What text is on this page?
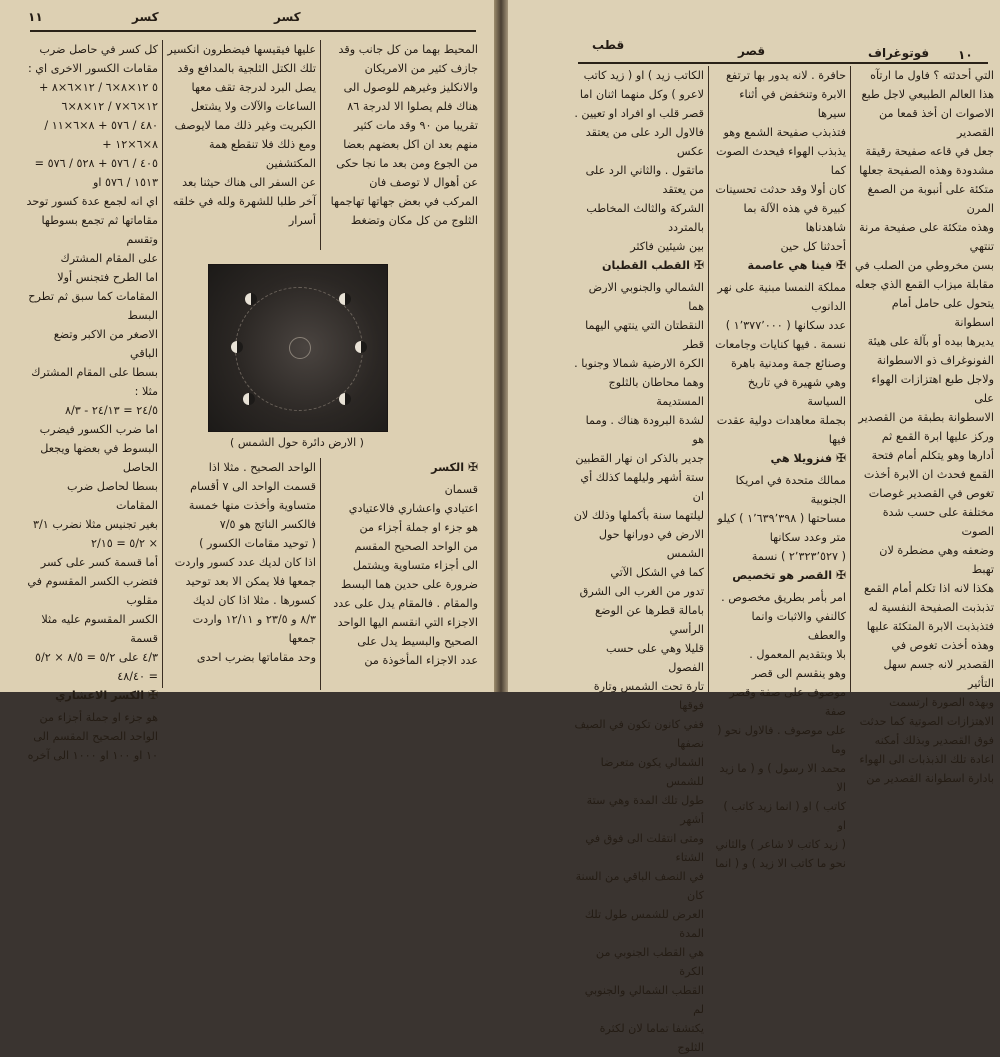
١١	كسر	كسر
كل كسر في حاصل ضرب
مقامات الكسور الاخرى اي :
٥ ١٢×٨×٦ / ١٢×٦×٨ + ١٢×٦×٧ / ١٢×٨×٦
٤٨٠ / ٥٧٦ + ٨×٦×١١ / ٨×٦×١٢ +
٤٠٥ / ٥٧٦ + ٥٢٨ / ٥٧٦ = ١٥١٣ / ٥٧٦ او
اي انه لجمع عدة كسور توحد
مقاماتها ثم تجمع بسوطها وتقسم
على المقام المشترك
اما الطرح فتجنس أولا
المقامات كما سبق ثم تطرح البسط
الاصغر من الاكبر وتضع الباقي
بسطا على المقام المشترك مثلا :
٢٤/٥ = ٢٤/١٣ - ٨/٣
اما ضرب الكسور فيضرب
البسوط في بعضها ويجعل الحاصل
بسطا لحاصل ضرب المقامات
بغير تجنيس مثلا نضرب ٣/١
× ٥/٢ = ٢/١٥
أما قسمة كسر على كسر
فتضرب الكسر المقسوم في مقلوب
الكسر المقسوم عليه مثلا قسمة
٤/٣ على ٥/٢ = ٨/٥ × ٥/٢ = ٤٨/٤٠

✠ الكسر الاعشاري

هو جزء او جملة أجزاء من
الواحد الصحيح المقسم الى
١٠ او ١٠٠ او ١٠٠٠ الى آخره
عليها فيقيسها فيضطرون انكسير
تلك الكتل الثلجية بالمدافع وقد
يصل البرد لدرجة تقف معها
الساعات والآلات ولا يشتعل
الكبريت وغير ذلك مما لايوصف
ومع ذلك فلا تنقطع همة المكتشفين
عن السفر الى هناك حيثنا بعد
آخر طلبا للشهرة ولله في خلقه
أسرار
المحيط بهما من كل جانب وقد
جازف كثير من الامريكان
والانكليز وغيرهم للوصول الى
هناك فلم يصلوا الا لدرجة ٨٦
تقريبا من ٩٠ وقد مات كثير
منهم بعد ان اكل بعضهم بعضا
من الجوع ومن بعد ما نجا حكى
عن أهوال لا توصف فان
المركب في بعض جهاتها تهاجمها
الثلوج من كل مكان وتضغط
( الارض دائرة حول الشمس )
الواحد الصحيح . مثلا اذا
قسمت الواحد الى ٧ أقسام
متساوية وأخذت منها خمسة
فالكسر الناتج هو ٧/٥
( توحيد مقامات الكسور )
اذا كان لديك عدد كسور واردت
جمعها فلا يمكن الا بعد توحيد
كسورها . مثلا اذا كان لديك
٨/٣ و ٢٣/٥ و ١٢/١١ واردت جمعها
وحد مقاماتها بضرب احدى

✠ الكسر

قسمان
اعتيادي واعشاري فالاعتيادي
هو جزء او جملة أجزاء من
من الواحد الصحيح المقسم
الى أجزاء متساوية ويشتمل
ضرورة على حدين هما البسط
والمقام . فالمقام يدل على عدد
الاجزاء التي انقسم اليها الواحد
الصحيح والبسيط يدل على
عدد الاجزاء المأخوذة من
قطب	قصر	فوتوغراف ١٠
الكاتب زيد ) او ( زيد كاتب
لاعرو ) وكل منهما اثنان اما
قصر قلب او افراد او تعيين .
فالاول الرد على من يعتقد عكس
ماتقول . والثاني الرد على من يعتقد
الشركة والثالث المخاطب بالمتردد
بين شيئين فاكثر

✠ القطب القطبان

الشمالي والجنوبي الارض هما
النقطتان التي ينتهي اليهما قطر
الكرة الارضية شمالا وجنوبا .
وهما محاطان بالثلوج المستديمة
لشدة البرودة هناك . ومما هو
جدير بالذكر ان نهار القطبين
ستة أشهر وليلهما كذلك أي ان
ليلتهما سنة بأكملها وذلك لان
الارض في دورانها حول الشمس
كما في الشكل الآتي
تدور من الغرب الى الشرق
بامالة قطرها عن الوضع الرأسي
قليلا وهي على حسب الفصول
تارة تحت الشمس وتارة فوقها
ففي كانون تكون في الصيف نصفها
الشمالي يكون متعرضا للشمس
طول تلك المدة وهي ستة أشهر
ومتى انتقلت الى فوق في الشتاء
في النصف الباقي من السنة كان
العرض للشمس طول تلك المدة
هي القطب الجنوبي من الكرة
القطب الشمالي والجنوبي لم
يكتشفا تماما لان لكثرة الثلوج
حافرة . لانه يدور بها ترتفع
الابرة وتنخفض في أثناء سيرها
فتذبذب صفيحة الشمع وهو
يذبذب الهواء فيحدث الصوت كما
كان أولا وقد حدثت تحسينات
كبيرة في هذه الآلة بما شاهدناها
أحدثنا كل حين

✠ فينا هي عاصمة

مملكة النمسا مبنية على نهر الدانوب
عدد سكانها ( ١٬٣٧٧٬٠٠٠ )
نسمة . فيها كنايات وجامعات
وصنائع جمة ومدنية باهرة
وهي شهيرة في تاريخ السياسة
بجملة معاهدات دولية عقدت
فيها

✠ فنزويلا هي

ممالك متحدة في امريكا الجنوبية
مساحتها ( ١٬٦٣٩٬٣٩٨ ) كيلو
متر وعدد سكانها
( ٢٬٣٢٣٬٥٢٧ ) نسمة

✠ القصر هو تخصيص

امر بأمر بطريق مخصوص .
كالنفي والاثبات وانما والعطف
بلا وبتقديم المعمول .
وهو ينقسم الى قصر
موصوف على صفة وقصر صفة
على موصوف . فالاول نحو ( وما
محمد الا رسول ) و ( ما زيد الا
كاتب ) او ( انما زيد كاتب ) او
( زيد كاتب لا شاعر ) والثاني
نحو ما كاتب الا زيد ) و ( انما
التي أحدثته ؟ فاول ما ارتآه
هذا العالم الطبيعي لاجل طبع
الاصوات ان أخذ قمعا من القصدير
جعل في قاعه صفيحة رقيقة
مشدودة وهذه الصفيحة جعلها
متكئة على أنبوبة من الصمغ المرن
وهذه متكئة على صفيحة مرنة تنتهي
بسن مخروطي من الصلب في
مقابلة ميزاب القمع الذي جعله
يتحول على حامل أمام اسطوانة
يديرها بيده أو بآلة على هيئة
الفونوغراف ذو الاسطوانة
ولاجل طبع اهتزازات الهواء على
الاسطوانة بطبقة من القصدير
وركز عليها ابرة القمع ثم
أدارها وهو يتكلم أمام فتحة
القمع فحدث ان الابرة أخذت
تغوص في القصدير غوصات
مختلفة على حسب شدة الصوت
وضعفه وهي مضطرة لان تهبط
هكذا لانه اذا تكلم أمام القمع
تذبذبت الصفيحة النفسية له
فتذبذبت الابرة المتكئة عليها
وهذه أخذت تغوص في
القصدير لانه جسم سهل التأثير
وبهذه الصورة ارتسمت
الاهتزازات الصوتية كما حدثت
فوق القصدير وبذلك أمكنه
اعادة تلك الذبذبات الى الهواء
بادارة اسطوانة القصدير من
